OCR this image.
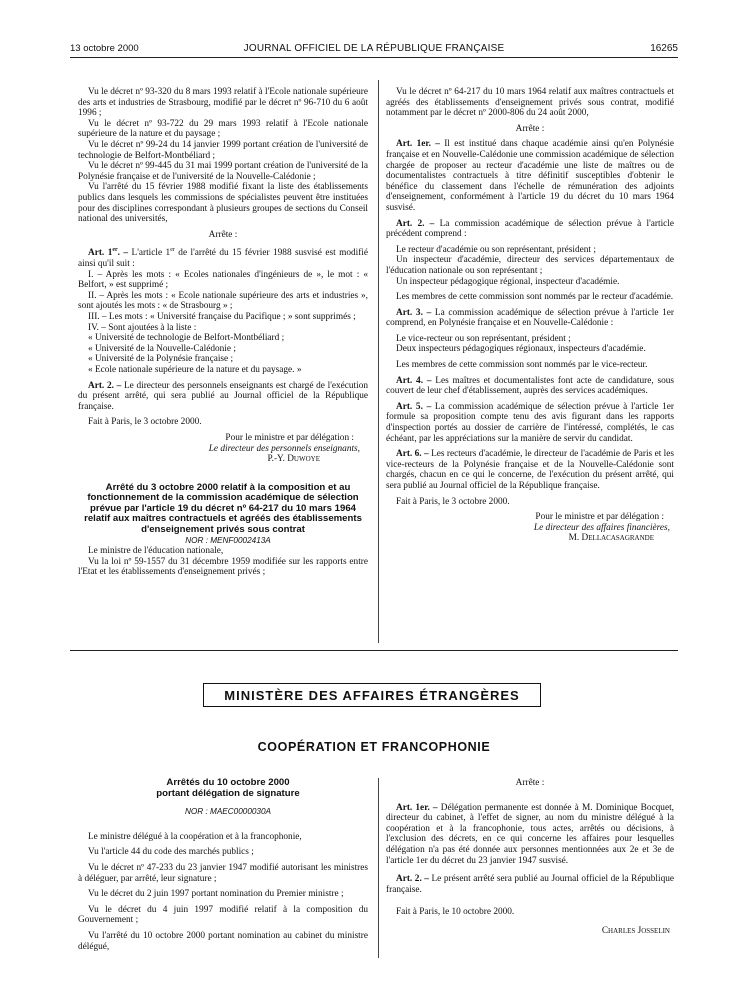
13 octobre 2000	JOURNAL OFFICIEL DE LA RÉPUBLIQUE FRANÇAISE	16265

Vu le décret nº 93-320 du 8 mars 1993 relatif à l'Ecole nationale supérieure des arts et industries de Strasbourg, modifié par le décret nº 96-710 du 6 août 1996 ;

Vu le décret nº 93-722 du 29 mars 1993 relatif à l'Ecole nationale supérieure de la nature et du paysage ;

Vu le décret nº 99-24 du 14 janvier 1999 portant création de l'université de technologie de Belfort-Montbéliard ;

Vu le décret nº 99-445 du 31 mai 1999 portant création de l'université de la Polynésie française et de l'université de la Nouvelle-Calédonie ;

Vu l'arrêté du 15 février 1988 modifié fixant la liste des établissements publics dans lesquels les commissions de spécialistes peuvent être instituées pour des disciplines correspondant à plusieurs groupes de sections du Conseil national des universités,

Arrête :

Art. 1er. – L'article 1er de l'arrêté du 15 février 1988 susvisé est modifié ainsi qu'il suit :

I. – Après les mots : « Ecoles nationales d'ingénieurs de », le mot : « Belfort, » est supprimé ;

II. – Après les mots : « Ecole nationale supérieure des arts et industries », sont ajoutés les mots : « de Strasbourg » ;

III. – Les mots : « Université française du Pacifique ; » sont supprimés ;

IV. – Sont ajoutées à la liste :

« Université de technologie de Belfort-Montbéliard ;

« Université de la Nouvelle-Calédonie ;

« Université de la Polynésie française ;

« Ecole nationale supérieure de la nature et du paysage. »

Art. 2. – Le directeur des personnels enseignants est chargé de l'exécution du présent arrêté, qui sera publié au Journal officiel de la République française.

Fait à Paris, le 3 octobre 2000.

Pour le ministre et par délégation :

Le directeur des personnels enseignants,

P.-Y. Duwoye

Arrêté du 3 octobre 2000 relatif à la composition et au fonctionnement de la commission académique de sélection prévue par l'article 19 du décret nº 64-217 du 10 mars 1964 relatif aux maîtres contractuels et agréés des établissements d'enseignement privés sous contrat

NOR : MENF0002413A

Le ministre de l'éducation nationale,

Vu la loi nº 59-1557 du 31 décembre 1959 modifiée sur les rapports entre l'Etat et les établissements d'enseignement privés ;

Vu le décret nº 64-217 du 10 mars 1964 relatif aux maîtres contractuels et agréés des établissements d'enseignement privés sous contrat, modifié notamment par le décret nº 2000-806 du 24 août 2000,

Arrête :

Art. 1er. – Il est institué dans chaque académie ainsi qu'en Polynésie française et en Nouvelle-Calédonie une commission académique de sélection chargée de proposer au recteur d'académie une liste de maîtres ou de documentalistes contractuels à titre définitif susceptibles d'obtenir le bénéfice du classement dans l'échelle de rémunération des adjoints d'enseignement, conformément à l'article 19 du décret du 10 mars 1964 susvisé.

Art. 2. – La commission académique de sélection prévue à l'article précédent comprend :

Le recteur d'académie ou son représentant, président ;

Un inspecteur d'académie, directeur des services départementaux de l'éducation nationale ou son représentant ;

Un inspecteur pédagogique régional, inspecteur d'académie.

Les membres de cette commission sont nommés par le recteur d'académie.

Art. 3. – La commission académique de sélection prévue à l'article 1er comprend, en Polynésie française et en Nouvelle-Calédonie :

Le vice-recteur ou son représentant, président ;

Deux inspecteurs pédagogiques régionaux, inspecteurs d'académie.

Les membres de cette commission sont nommés par le vice-recteur.

Art. 4. – Les maîtres et documentalistes font acte de candidature, sous couvert de leur chef d'établissement, auprès des services académiques.

Art. 5. – La commission académique de sélection prévue à l'article 1er formule sa proposition compte tenu des avis figurant dans les rapports d'inspection portés au dossier de carrière de l'intéressé, complétés, le cas échéant, par les appréciations sur la manière de servir du candidat.

Art. 6. – Les recteurs d'académie, le directeur de l'académie de Paris et les vice-recteurs de la Polynésie française et de la Nouvelle-Calédonie sont chargés, chacun en ce qui le concerne, de l'exécution du présent arrêté, qui sera publié au Journal officiel de la République française.

Fait à Paris, le 3 octobre 2000.

Pour le ministre et par délégation :

Le directeur des affaires financières,

M. Dellacasagrande

MINISTÈRE DES AFFAIRES ÉTRANGÈRES
COOPÉRATION ET FRANCOPHONIE

Arrêtés du 10 octobre 2000

portant délégation de signature

NOR : MAEC0000030A

Le ministre délégué à la coopération et à la francophonie,

Vu l'article 44 du code des marchés publics ;

Vu le décret nº 47-233 du 23 janvier 1947 modifié autorisant les ministres à déléguer, par arrêté, leur signature ;

Vu le décret du 2 juin 1997 portant nomination du Premier ministre ;

Vu le décret du 4 juin 1997 modifié relatif à la composition du Gouvernement ;

Vu l'arrêté du 10 octobre 2000 portant nomination au cabinet du ministre délégué,

Arrête :

Art. 1er. – Délégation permanente est donnée à M. Dominique Bocquet, directeur du cabinet, à l'effet de signer, au nom du ministre délégué à la coopération et à la francophonie, tous actes, arrêtés ou décisions, à l'exclusion des décrets, en ce qui concerne les affaires pour lesquelles délégation n'a pas été donnée aux personnes mentionnées aux 2e et 3e de l'article 1er du décret du 23 janvier 1947 susvisé.

Art. 2. – Le présent arrêté sera publié au Journal officiel de la République française.

Fait à Paris, le 10 octobre 2000.

Charles Josselin
